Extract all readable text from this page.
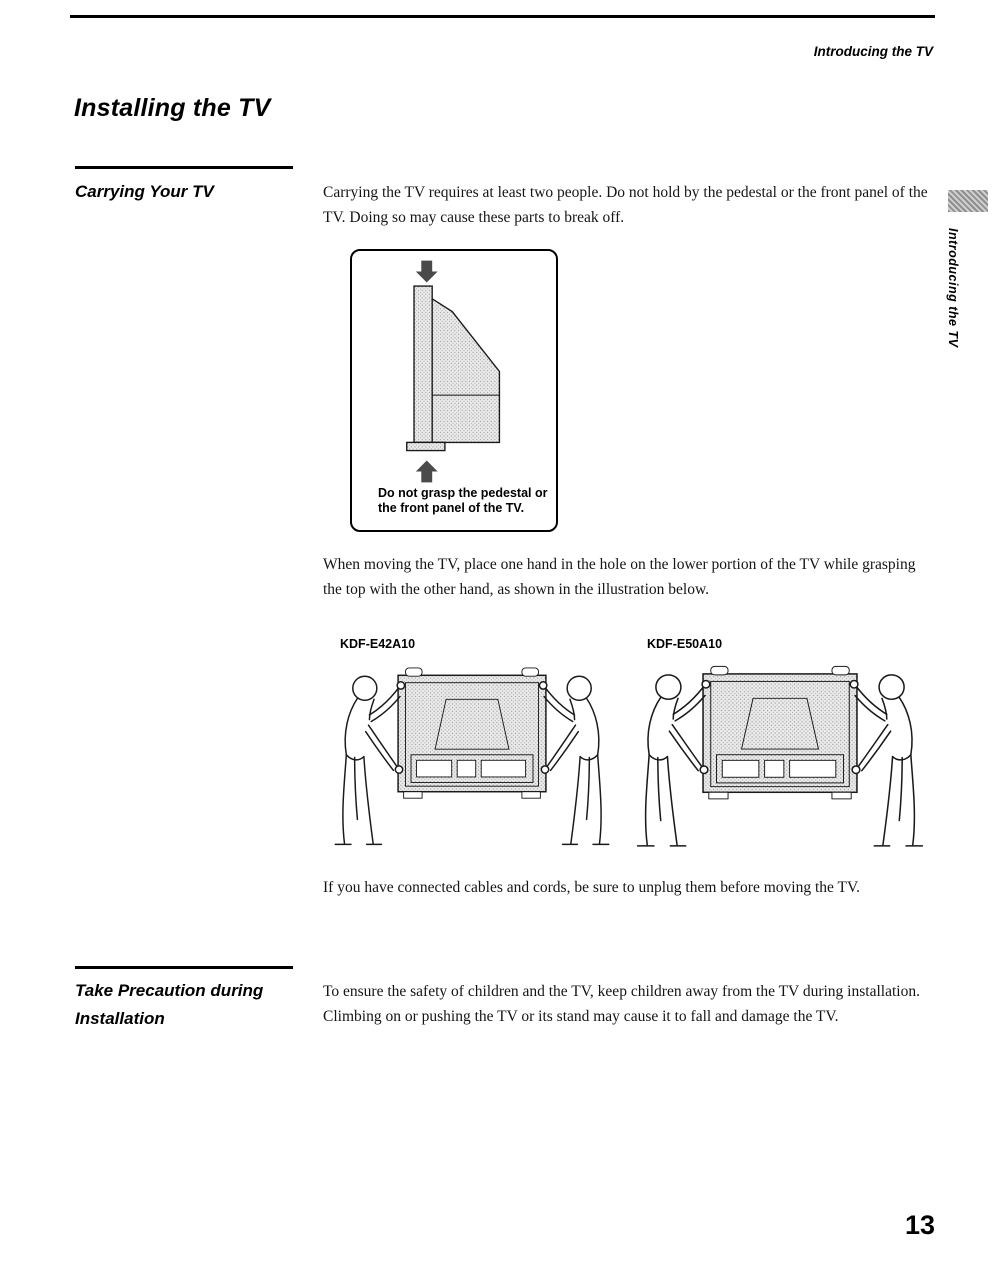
Introducing the TV
Installing the TV
Introducing the TV
Carrying Your TV	Carrying the TV requires at least two people. Do not hold by the pedestal or the front panel of the TV. Doing so may cause these parts to break off.

Do not grasp the pedestal or the front panel of the TV.

When moving the TV, place one hand in the hole on the lower portion of the TV while grasping the top with the other hand, as shown in the illustration below.
KDF-E42A10	KDF-E50A10
If you have connected cables and cords, be sure to unplug them before moving the TV.
Take Precaution during Installation
To ensure the safety of children and the TV, keep children away from the TV during installation. Climbing on or pushing the TV or its stand may cause it to fall and damage the TV.
13
